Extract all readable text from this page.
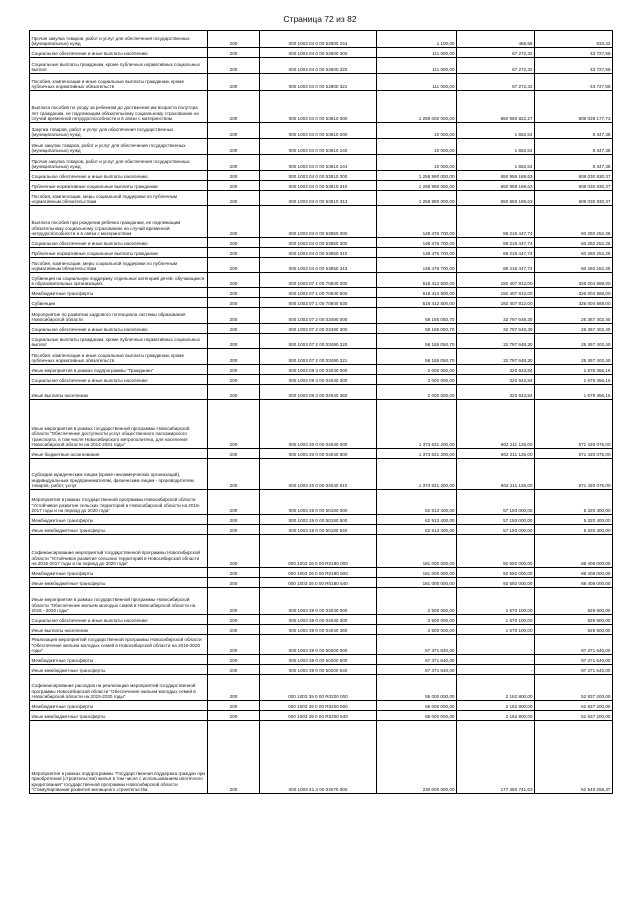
Страница 72 из 82
Прочая закупка товаров, работ и услуг для обеспечения государственных (муниципальных) нужд	200	000 1003 04 0 00 52800 244	1 100,00	466,58	633,42
Социальное обеспечение и иные выплаты населению	200	000 1003 04 0 00 52800 300	111 000,00	67 272,32	43 727,68
Социальные выплаты гражданам, кроме публичных нормативных социальных выплат	200	000 1003 04 0 00 52800 320	111 000,00	67 272,32	43 727,68
Пособия, компенсации и иные социальные выплаты гражданам, кроме публичных нормативных обязательств	200	000 1003 04 0 00 52800 321	111 000,00	67 272,32	43 727,68
Выплата пособия по уходу за ребенком до достижения им возраста полутора лет гражданам, не подлежащим обязательному социальному страхованию на случай временной нетрудоспособности и в связи с материнством	200	000 1003 04 0 00 53810 000	1 259 000 000,00	650 960 822,27	608 039 177,73
Закупка товаров, работ и услуг для обеспечения государственных (муниципальных) нужд	200	000 1003 04 0 00 53810 200	10 000,00	1 652,64	8 347,36
Иные закупки товаров, работ и услуг для обеспечения государственных (муниципальных) нужд	200	000 1003 04 0 00 53810 240	10 000,00	1 652,64	8 347,36
Прочая закупка товаров, работ и услуг для обеспечения государственных (муниципальных) нужд	200	000 1003 04 0 00 53810 244	10 000,00	1 652,64	8 347,36
Социальное обеспечение и иные выплаты населению	200	000 1003 04 0 00 53810 300	1 258 990 000,00	650 959 169,63	608 030 830,37
Публичные нормативные социальные выплаты гражданам	200	000 1003 04 0 00 53810 310	1 258 990 000,00	650 959 169,63	608 030 830,37
Пособия, компенсации, меры социальной поддержки по публичным нормативным обязательствам	200	000 1003 04 0 00 53810 313	1 258 990 000,00	650 959 169,63	608 030 830,37
Выплата пособия при рождении ребенка гражданам, не подлежащим обязательному социальному страхованию на случай временной нетрудоспособности и в связи с материнством	200	000 1003 04 0 00 53850 000	148 476 700,00	88 216 447,74	60 260 252,26
Социальное обеспечение и иные выплаты населению	200	000 1003 04 0 00 53850 300	148 476 700,00	88 216 447,74	60 260 252,26
Публичные нормативные социальные выплаты гражданам	200	000 1003 04 0 00 53850 310	148 476 700,00	88 216 447,74	60 260 252,26
Пособия, компенсации, меры социальной поддержки по публичным нормативным обязательствам	200	000 1003 04 0 00 53850 313	148 476 700,00	88 216 447,74	60 260 252,26
Субвенция на социальную поддержку отдельных категорий детей, обучающихся в образовательных организациях	200	000 1003 07 1 00 70840 000	518 412 500,00	192 407 812,00	326 004 688,00
Межбюджетные трансферты	200	000 1003 07 1 00 70840 500	518 412 500,00	192 407 812,00	326 004 688,00
Субвенции	200	000 1003 07 1 00 70840 530	518 412 500,00	192 407 812,00	326 004 688,00
Мероприятия по развитию кадрового потенциала системы образования Новосибирской области	200	000 1003 07 2 00 03490 000	58 165 050,70	32 797 648,30	25 367 402,40
Социальное обеспечение и иные выплаты населению	200	000 1003 07 2 00 03490 300	58 165 050,70	32 797 648,30	25 367 402,40
Социальные выплаты гражданам, кроме публичных нормативных социальных выплат	200	000 1003 07 2 00 03490 320	58 165 050,70	32 797 648,30	25 367 402,40
Пособия, компенсации и иные социальные выплаты гражданам, кроме публичных нормативных обязательств	200	000 1003 07 2 00 03490 321	58 165 050,70	32 797 648,30	25 367 402,40
Иные мероприятия в рамках подпрограммы "Гражданин"	200	000 1003 09 3 00 04040 000	2 000 000,00	320 643,84	1 679 356,16
Социальное обеспечение и иные выплаты населению	200	000 1003 09 3 00 04040 300	2 000 000,00	320 643,84	1 679 356,16
Иные выплаты населению	200	000 1003 09 3 00 04040 360	2 000 000,00	320 643,84	1 679 356,16
Иные мероприятия в рамках государственной программы Новосибирской области "Обеспечение доступности услуг общественного пассажирского транспорта, в том числе Новосибирского метрополитена, для населения Новосибирской области на 2014-2021 годы"	200	000 1003 20 0 00 04040 000	1 373 631 200,00	802 211 125,00	571 420 075,00
Иные бюджетные ассигнования	200	000 1003 20 0 00 04040 800	1 373 631 200,00	802 211 125,00	571 420 075,00
Субсидии юридическим лицам (кроме некоммерческих организаций), индивидуальным предпринимателям, физическим лицам - производителям товаров, работ, услуг	200	000 1003 20 0 00 04040 810	1 373 631 200,00	802 211 125,00	571 420 075,00
Мероприятия в рамках государственной программы Новосибирской области "Устойчивое развитие сельских территорий в Новосибирской области на 2015-2017 годы и на период до 2020 года"	200	000 1003 26 0 00 50180 000	62 513 400,00	57 193 000,00	5 320 400,00
Межбюджетные трансферты	200	000 1003 26 0 00 50180 500	62 513 400,00	57 193 000,00	5 320 400,00
Иные межбюджетные трансферты	200	000 1003 26 0 00 50180 540	62 513 400,00	57 193 000,00	5 320 400,00
Софинансирование мероприятий государственной программы Новосибирской области "Устойчивое развитие сельских территорий в Новосибирской области на 2015-2017 годы и на период до 2020 года"	200	000 1003 26 0 00 R0180 000	181 000 000,00	92 592 000,00	88 408 000,00
Межбюджетные трансферты	200	000 1003 26 0 00 R0180 500	181 000 000,00	92 592 000,00	88 408 000,00
Иные межбюджетные трансферты	200	000 1003 26 0 00 R0180 540	181 000 000,00	92 592 000,00	88 408 000,00
Иные мероприятия в рамках государственной программы Новосибирской области "Обеспечение жильем молодых семей в Новосибирской области на 2015 - 2020 годы"	200	000 1003 39 0 00 04040 000	2 500 000,00	1 570 100,00	929 900,00
Социальное обеспечение и иные выплаты населению	200	000 1003 39 0 00 04040 300	2 500 000,00	1 570 100,00	929 900,00
Иные выплаты населению	200	000 1003 39 0 00 04040 360	2 500 000,00	1 570 100,00	929 900,00
Реализация мероприятий государственной программы Новосибирской области "Обеспечение жильем молодых семей в Новосибирской области на 2015-2020 годы"	200	000 1003 39 0 00 50200 000	87 371 640,00	-	87 371 640,00
Межбюджетные трансферты	200	000 1003 39 0 00 50200 500	87 371 640,00	-	87 371 640,00
Иные межбюджетные трансферты	200	000 1003 39 0 00 50200 540	87 371 640,00	-	87 371 640,00
Софинансирование расходов на реализацию мероприятий государственной программы Новосибирской области "Обеспечение жильем молодых семей в Новосибирской области на 2015-2020 годы"	200	000 1003 39 0 00 R0200 000	55 000 000,00	2 162 800,00	52 837 200,00
Межбюджетные трансферты	200	000 1003 39 0 00 R0200 500	55 000 000,00	2 162 800,00	52 837 200,00
Иные межбюджетные трансферты	200	000 1003 39 0 00 R0200 540	55 000 000,00	2 162 800,00	52 837 200,00
Мероприятия в рамках подпрограммы "Государственная поддержка граждан при приобретении (строительстве) жилья в том числе с использованием ипотечного кредитования" государственной программы Новосибирской области "Стимулирование развития жилищного строительства	200	000 1003 41 3 00 04070 000	230 000 000,00	177 450 741,63	52 549 258,37
